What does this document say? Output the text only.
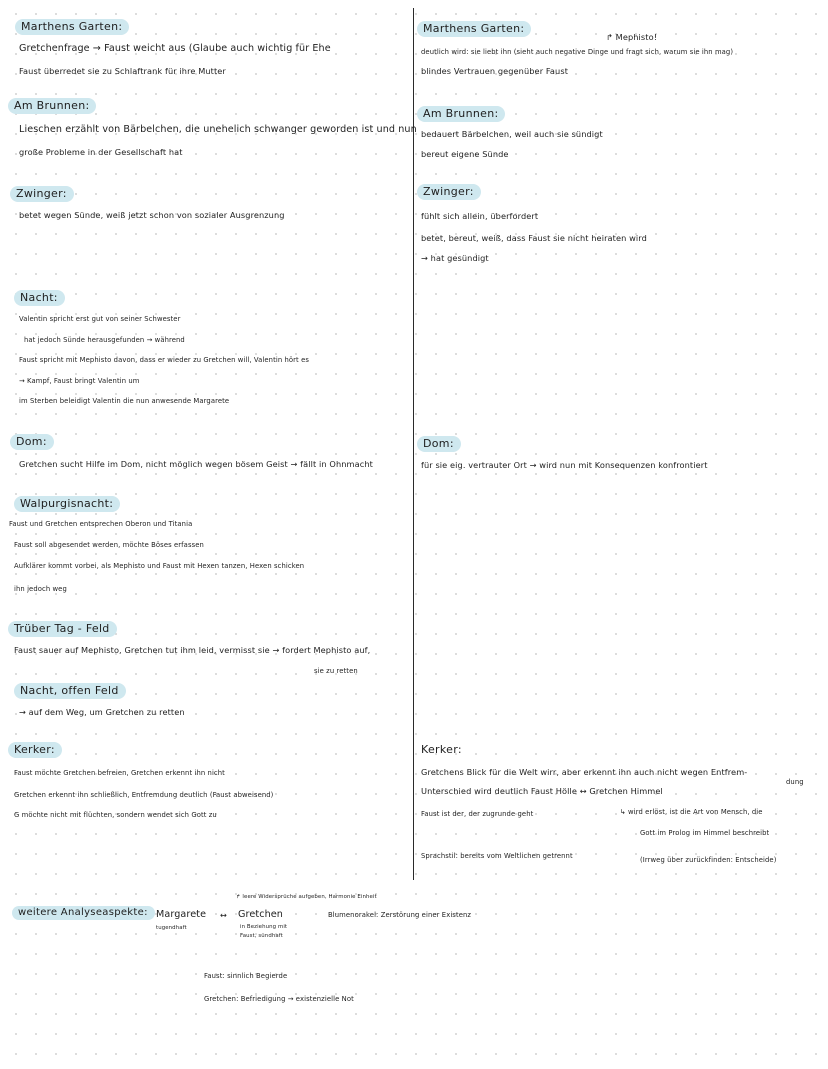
Marthens Garten:
Gretchenfrage → Faust weicht aus (Glaube auch wichtig für Ehe
Faust überredet sie zu Schlaftrank für ihre Mutter
Am Brunnen:
Lieschen erzählt von Bärbelchen, die unehelich schwanger geworden ist und nun
große Probleme in der Gesellschaft hat
Zwinger:
betet wegen Sünde, weiß jetzt schon von sozialer Ausgrenzung
Nacht:
Valentin spricht erst gut von seiner Schwester
hat jedoch Sünde herausgefunden → während
Faust spricht mit Mephisto davon, dass er wieder zu Gretchen will, Valentin hört es
→ Kampf, Faust bringt Valentin um
im Sterben beleidigt Valentin die nun anwesende Margarete
Dom:
Gretchen sucht Hilfe im Dom, nicht möglich wegen bösem Geist → fällt in Ohnmacht
Walpurgisnacht:
Faust und Gretchen entsprechen Oberon und Titania
Faust soll abgesendet werden, möchte Böses erfassen
Aufklärer kommt vorbei, als Mephisto und Faust mit Hexen tanzen, Hexen schicken
ihn jedoch weg
Trüber Tag - Feld
Faust sauer auf Mephisto, Gretchen tut ihm leid, vermisst sie → fordert Mephisto auf,
sie zu retten
Nacht, offen Feld
→ auf dem Weg, um Gretchen zu retten
Kerker:
Faust möchte Gretchen befreien, Gretchen erkennt ihn nicht
Gretchen erkennt ihn schließlich, Entfremdung deutlich (Faust abweisend)
G möchte nicht mit flüchten, sondern wendet sich Gott zu
Marthens Garten:
↱ Mephisto!
deutlich wird: sie liebt ihn (sieht auch negative Dinge und fragt sich, warum sie ihn mag)
blindes Vertrauen gegenüber Faust
Am Brunnen:
bedauert Bärbelchen, weil auch sie sündigt
bereut eigene Sünde
Zwinger:
fühlt sich allein, überfordert
betet, bereut, weiß, dass Faust sie nicht heiraten wird
→ hat gesündigt
Dom:
für sie eig. vertrauter Ort → wird nun mit Konsequenzen konfrontiert
Kerker:
Gretchens Blick für die Welt wirr, aber erkennt ihn auch nicht wegen Entfrem-
dung
Unterschied wird deutlich Faust Hölle ↔ Gretchen Himmel
Faust ist der, der zugrunde geht	↳ wird erlöst, ist die Art von Mensch, die
Gott im Prolog im Himmel beschreibt
Sprachstil: bereits vom Weltlichen getrennt	(Irrweg über zurückfinden: Entscheide)
weitere Analyseaspekte: Margarete
tugendhaft
↔
↱ leere Widersprüche aufgeben, Harmonie Einheit
Gretchen
in Beziehung mit
Faust, sündhaft
Blumenorakel: Zerstörung einer Existenz
Faust: sinnlich Begierde
Gretchen: Befriedigung → existenzielle Not
